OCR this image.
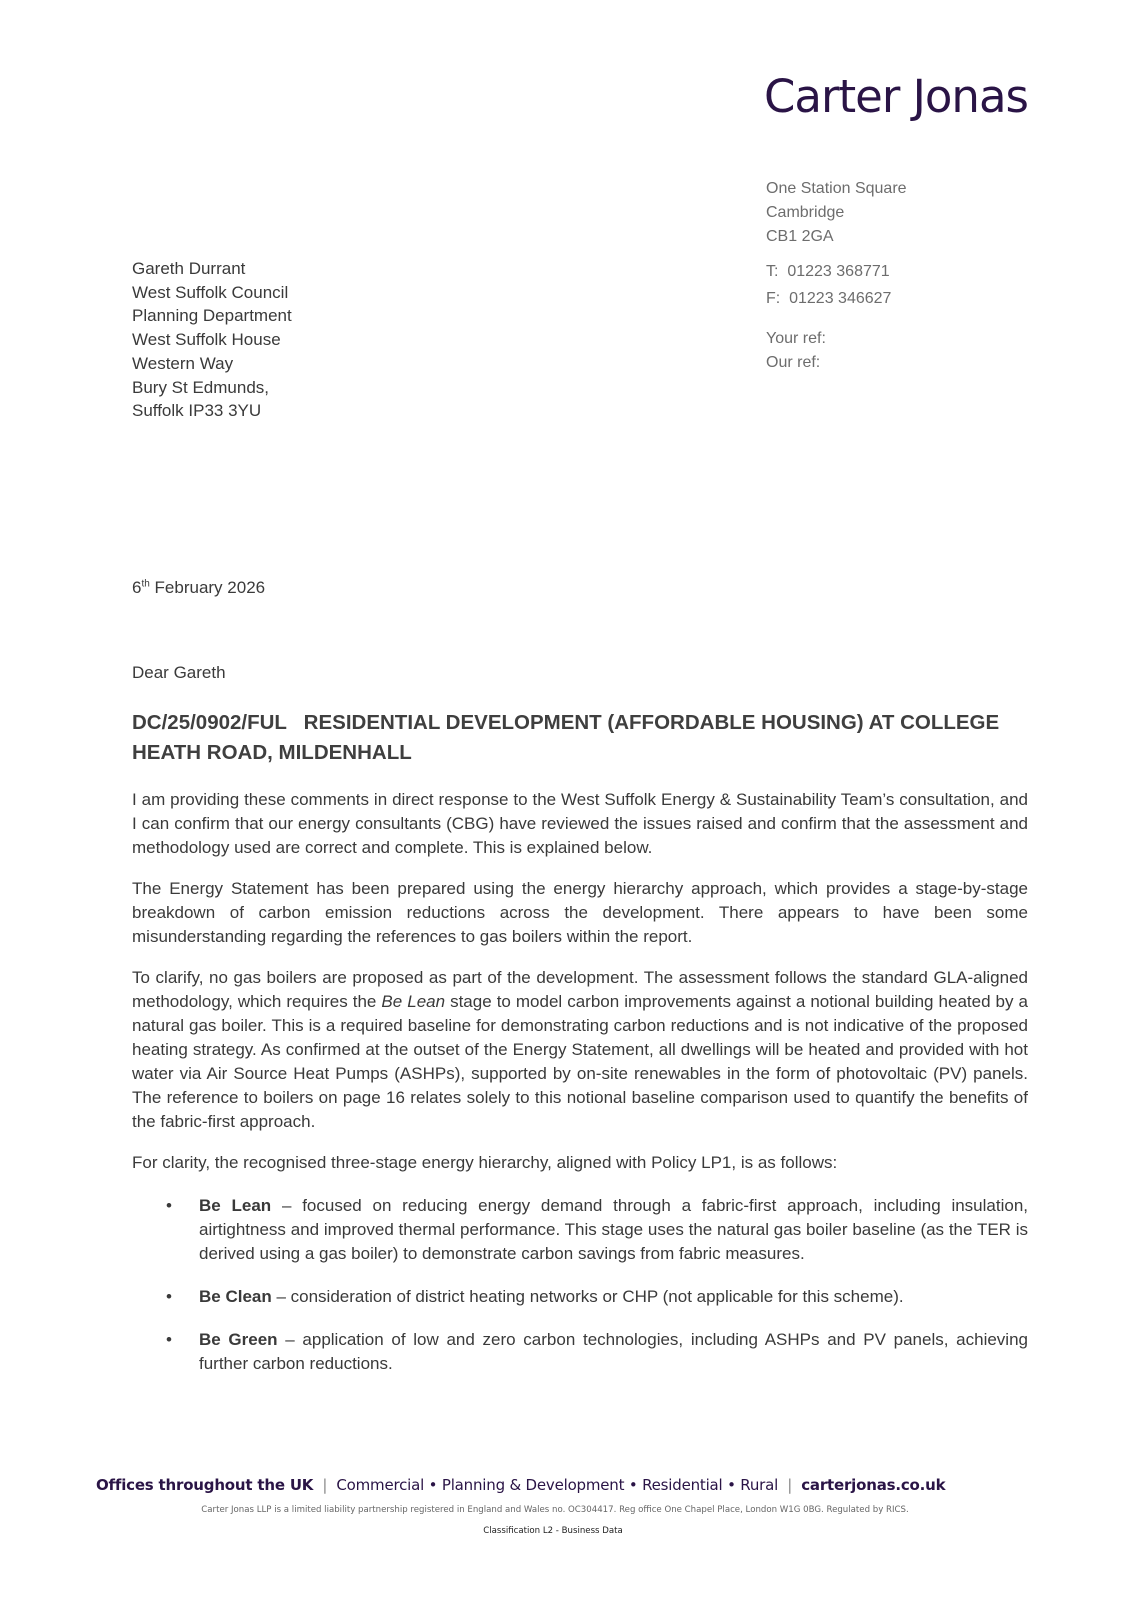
Carter Jonas
One Station Square
Cambridge
CB1 2GA
T:  01223 368771
F:  01223 346627
Your ref:
Our ref:
Gareth Durrant
West Suffolk Council
Planning Department
West Suffolk House
Western Way
Bury St Edmunds,
Suffolk IP33 3YU
6th February 2026
Dear Gareth
DC/25/0902/FUL   RESIDENTIAL DEVELOPMENT (AFFORDABLE HOUSING) AT COLLEGE HEATH ROAD, MILDENHALL

I am providing these comments in direct response to the West Suffolk Energy & Sustainability Team’s consultation, and I can confirm that our energy consultants (CBG) have reviewed the issues raised and confirm that the assessment and methodology used are correct and complete. This is explained below.

The Energy Statement has been prepared using the energy hierarchy approach, which provides a stage-by-stage breakdown of carbon emission reductions across the development. There appears to have been some misunderstanding regarding the references to gas boilers within the report.

To clarify, no gas boilers are proposed as part of the development. The assessment follows the standard GLA-aligned methodology, which requires the Be Lean stage to model carbon improvements against a notional building heated by a natural gas boiler. This is a required baseline for demonstrating carbon reductions and is not indicative of the proposed heating strategy. As confirmed at the outset of the Energy Statement, all dwellings will be heated and provided with hot water via Air Source Heat Pumps (ASHPs), supported by on-site renewables in the form of photovoltaic (PV) panels. The reference to boilers on page 16 relates solely to this notional baseline comparison used to quantify the benefits of the fabric-first approach.

For clarity, the recognised three-stage energy hierarchy, aligned with Policy LP1, is as follows:

• Be Lean – focused on reducing energy demand through a fabric-first approach, including insulation, airtightness and improved thermal performance. This stage uses the natural gas boiler baseline (as the TER is derived using a gas boiler) to demonstrate carbon savings from fabric measures.
• Be Clean – consideration of district heating networks or CHP (not applicable for this scheme).
• Be Green – application of low and zero carbon technologies, including ASHPs and PV panels, achieving further carbon reductions.
Offices throughout the UK  |  Commercial • Planning & Development • Residential • Rural  |  carterjonas.co.uk
Carter Jonas LLP is a limited liability partnership registered in England and Wales no. OC304417. Reg office One Chapel Place, London W1G 0BG. Regulated by RICS.
Classification L2 - Business Data
